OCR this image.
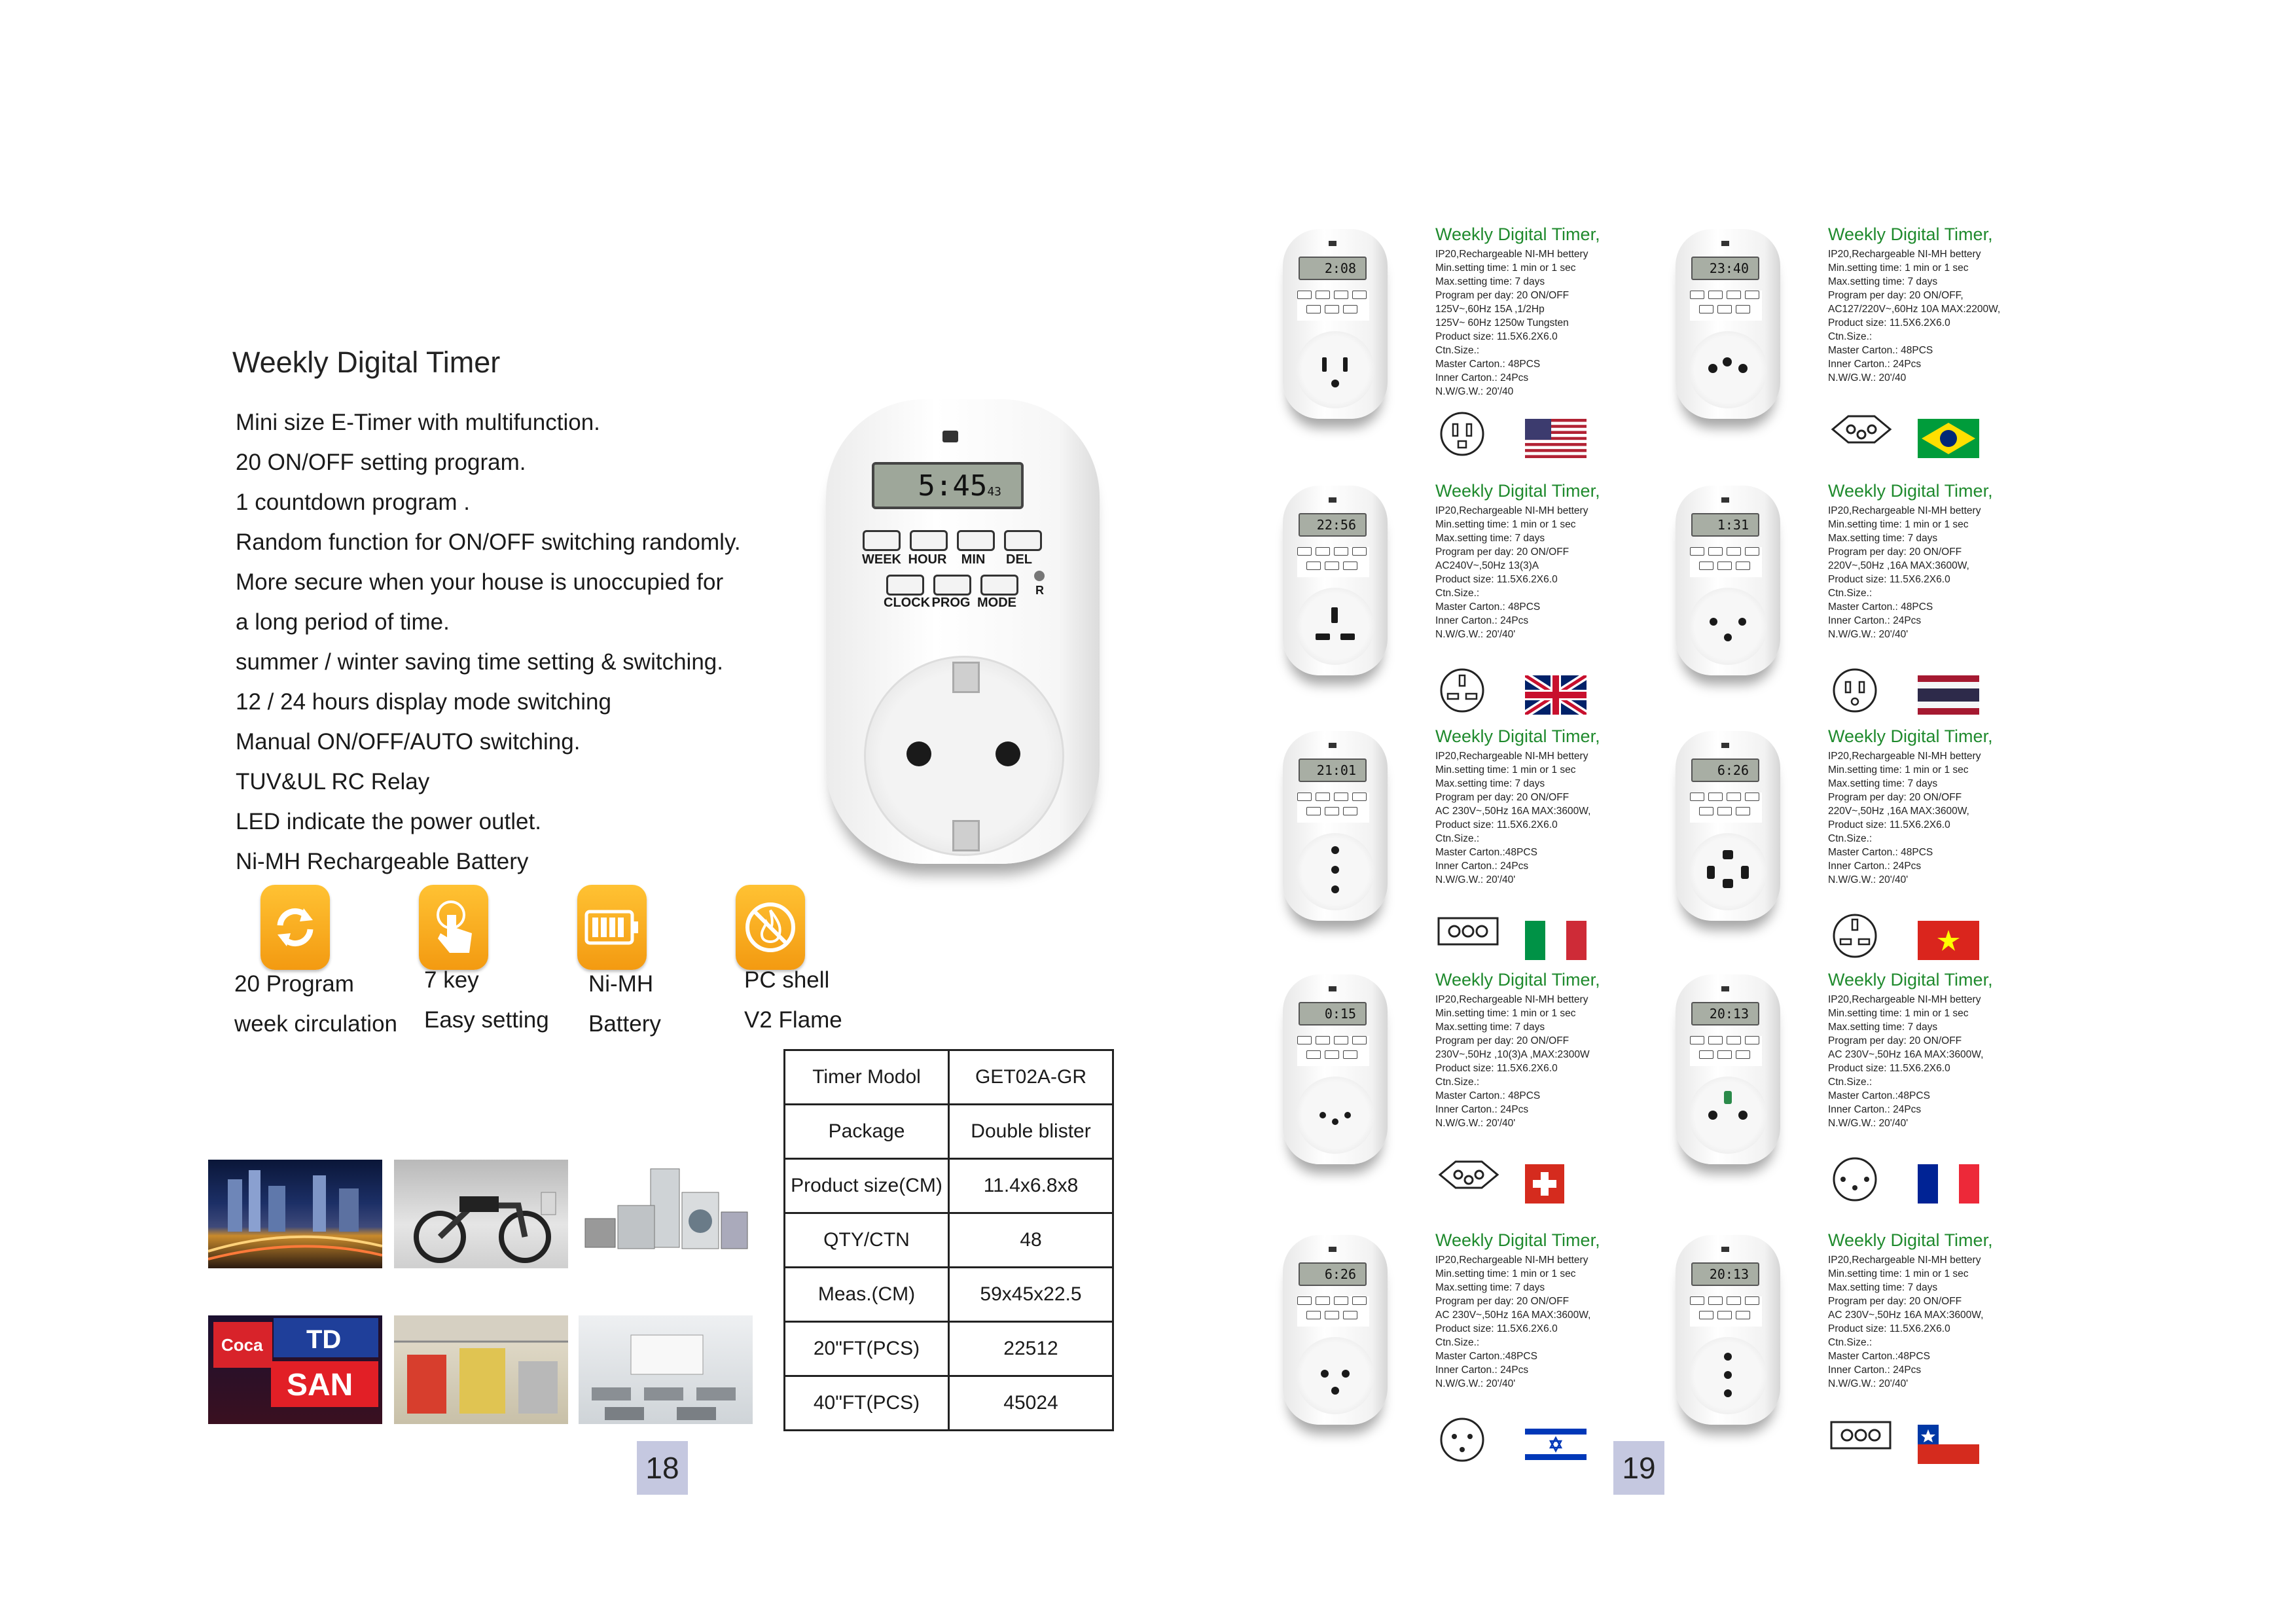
Weekly Digital Timer
Mini size E-Timer with multifunction.
20 ON/OFF setting program.
1 countdown program .
Random function for ON/OFF switching randomly.
More secure when your house is unoccupied for
a long period of time.
summer / winter saving time setting & switching.
12 / 24 hours display mode switching
Manual ON/OFF/AUTO switching.
TUV&UL RC Relay
LED indicate the power outlet.
Ni-MH Rechargeable Battery
5:4543
WEEK HOUR	MIN	DEL
CLOCK PROG MODE
R
20 Program
week circulation
7 key
Easy setting
Ni-MH
Battery
PC shell
V2 Flame
SAN
Coca TD
Timer Modol	GET02A-GR
Package	Double blister
Product size(CM)	11.4x6.8x8
QTY/CTN	48
Meas.(CM)	59x45x22.5
20"FT(PCS)	22512
40"FT(PCS)	45024
18
2:08
Weekly Digital Timer,
IP20,Rechargeable NI-MH bettery
Min.setting time: 1 min or 1 sec
Max.setting time: 7 days
Program per day: 20 ON/OFF
125V~,60Hz 15A ,1/2Hp
125V~ 60Hz 1250w Tungsten
Product size: 11.5X6.2X6.0
Ctn.Size.:
Master Carton.: 48PCS
Inner Carton.: 24Pcs
N.W/G.W.: 20'/40
23:40
Weekly Digital Timer,
IP20,Rechargeable NI-MH bettery
Min.setting time: 1 min or 1 sec
Max.setting time: 7 days
Program per day: 20 ON/OFF,
AC127/220V~,60Hz 10A MAX:2200W,
Product size: 11.5X6.2X6.0
Ctn.Size.:
Master Carton.: 48PCS
Inner Carton.: 24Pcs
N.W/G.W.: 20'/40
22:56
Weekly Digital Timer,
IP20,Rechargeable NI-MH bettery
Min.setting time: 1 min or 1 sec
Max.setting time: 7 days
Program per day: 20 ON/OFF
AC240V~,50Hz 13(3)A
Product size: 11.5X6.2X6.0
Ctn.Size.:
Master Carton.: 48PCS
Inner Carton.: 24Pcs
N.W/G.W.: 20'/40'
1:31
Weekly Digital Timer,
IP20,Rechargeable NI-MH bettery
Min.setting time: 1 min or 1 sec
Max.setting time: 7 days
Program per day: 20 ON/OFF
220V~,50Hz ,16A MAX:3600W,
Product size: 11.5X6.2X6.0
Ctn.Size.:
Master Carton.: 48PCS
Inner Carton.: 24Pcs
N.W/G.W.: 20'/40'
21:01
Weekly Digital Timer,
IP20,Rechargeable NI-MH bettery
Min.setting time: 1 min or 1 sec
Max.setting time: 7 days
Program per day: 20 ON/OFF
AC 230V~,50Hz 16A MAX:3600W,
Product size: 11.5X6.2X6.0
Ctn.Size.:
Master Carton.:48PCS
Inner Carton.: 24Pcs
N.W/G.W.: 20'/40'
6:26
Weekly Digital Timer,
IP20,Rechargeable NI-MH bettery
Min.setting time: 1 min or 1 sec
Max.setting time: 7 days
Program per day: 20 ON/OFF
220V~,50Hz ,16A MAX:3600W,
Product size: 11.5X6.2X6.0
Ctn.Size.:
Master Carton.: 48PCS
Inner Carton.: 24Pcs
N.W/G.W.: 20'/40'
0:15
Weekly Digital Timer,
IP20,Rechargeable NI-MH bettery
Min.setting time: 1 min or 1 sec
Max.setting time: 7 days
Program per day: 20 ON/OFF
230V~,50Hz ,10(3)A ,MAX:2300W
Product size: 11.5X6.2X6.0
Ctn.Size.:
Master Carton.: 48PCS
Inner Carton.: 24Pcs
N.W/G.W.: 20'/40'
20:13
Weekly Digital Timer,
IP20,Rechargeable NI-MH bettery
Min.setting time: 1 min or 1 sec
Max.setting time: 7 days
Program per day: 20 ON/OFF
AC 230V~,50Hz 16A MAX:3600W,
Product size: 11.5X6.2X6.0
Ctn.Size.:
Master Carton.:48PCS
Inner Carton.: 24Pcs
N.W/G.W.: 20'/40'
6:26
Weekly Digital Timer,
IP20,Rechargeable NI-MH bettery
Min.setting time: 1 min or 1 sec
Max.setting time: 7 days
Program per day: 20 ON/OFF
AC 230V~,50Hz 16A MAX:3600W,
Product size: 11.5X6.2X6.0
Ctn.Size.:
Master Carton.:48PCS
Inner Carton.: 24Pcs
N.W/G.W.: 20'/40'
20:13
Weekly Digital Timer,
IP20,Rechargeable NI-MH bettery
Min.setting time: 1 min or 1 sec
Max.setting time: 7 days
Program per day: 20 ON/OFF
AC 230V~,50Hz 16A MAX:3600W,
Product size: 11.5X6.2X6.0
Ctn.Size.:
Master Carton.:48PCS
Inner Carton.: 24Pcs
N.W/G.W.: 20'/40'
19
